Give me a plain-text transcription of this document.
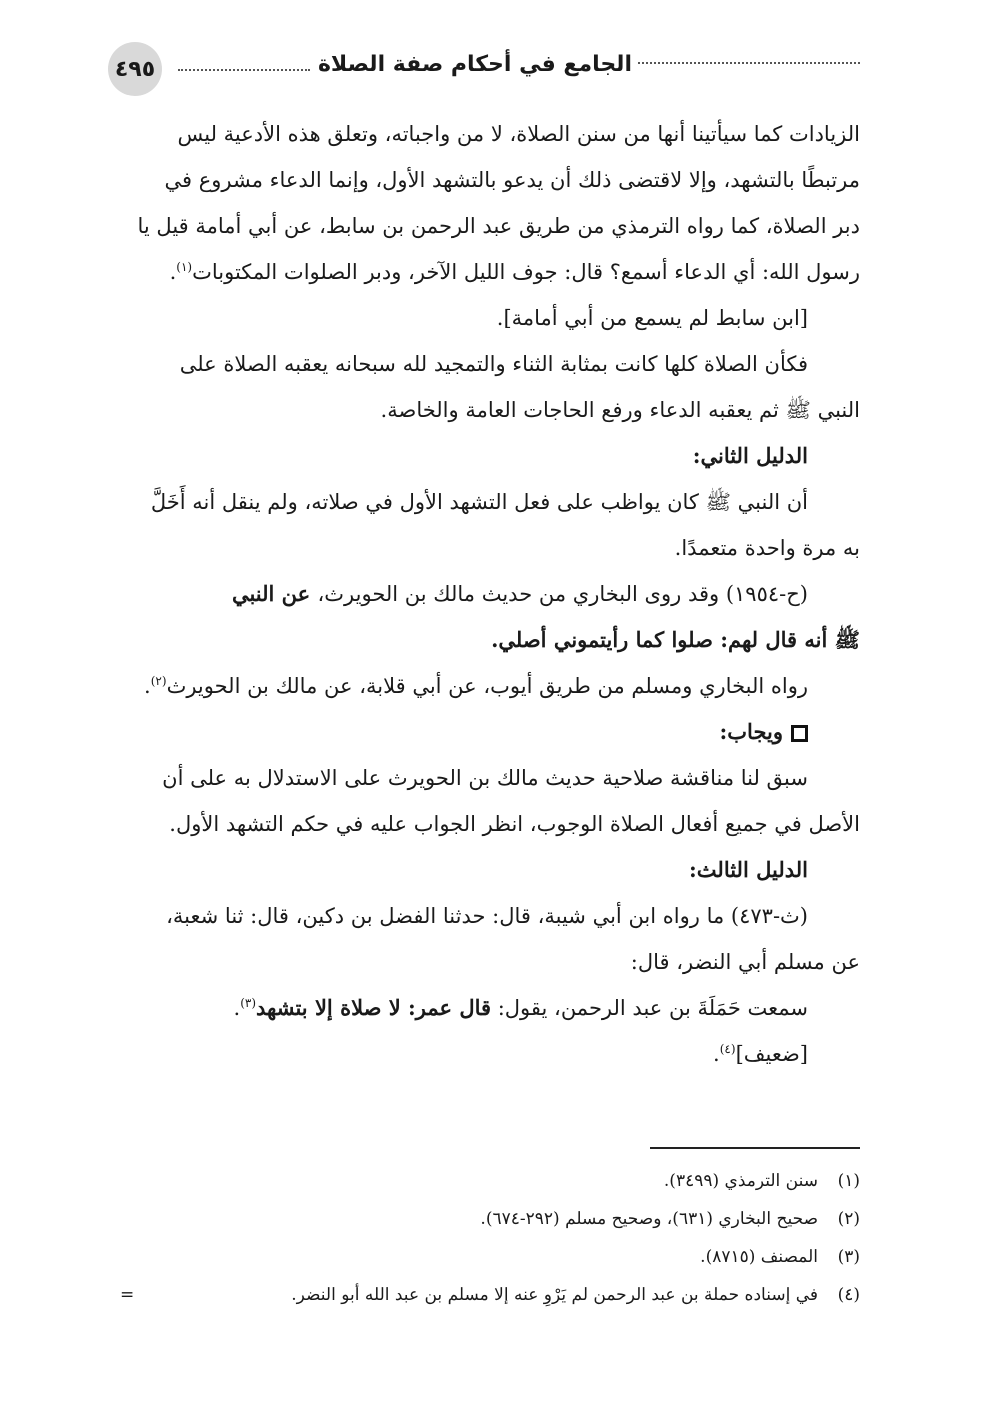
٤٩٥	الجامع في أحكام صفة الصلاة
الزيادات كما سيأتينا أنها من سنن الصلاة، لا من واجباته، وتعلق هذه الأدعية ليس
مرتبطًا بالتشهد، وإلا لاقتضى ذلك أن يدعو بالتشهد الأول، وإنما الدعاء مشروع في
دبر الصلاة، كما رواه الترمذي من طريق عبد الرحمن بن سابط، عن أبي أمامة قيل يا
رسول الله: أي الدعاء أسمع؟ قال: جوف الليل الآخر، ودبر الصلوات المكتوبات$^{(١)}$.
[ابن سابط لم يسمع من أبي أمامة].
فكأن الصلاة كلها كانت بمثابة الثناء والتمجيد لله سبحانه يعقبه الصلاة على
النبي ﷺ ثم يعقبه الدعاء ورفع الحاجات العامة والخاصة.
الدليل الثاني:
أن النبي ﷺ كان يواظب على فعل التشهد الأول في صلاته، ولم ينقل أنه أَخَلَّ
به مرة واحدة متعمدًا.
(ح-١٩٥٤) وقد روى البخاري من حديث مالك بن الحويرث، عن النبي
ﷺ أنه قال لهم: صلوا كما رأيتموني أصلي.
رواه البخاري ومسلم من طريق أيوب، عن أبي قلابة، عن مالك بن الحويرث$^{(٢)}$.
ويجاب:
سبق لنا مناقشة صلاحية حديث مالك بن الحويرث على الاستدلال به على أن
الأصل في جميع أفعال الصلاة الوجوب، انظر الجواب عليه في حكم التشهد الأول.
الدليل الثالث:
(ث-٤٧٣) ما رواه ابن أبي شيبة، قال: حدثنا الفضل بن دكين، قال: ثنا شعبة،
عن مسلم أبي النضر، قال:
سمعت حَمَلَةَ بن عبد الرحمن، يقول: قال عمر: لا صلاة إلا بتشهد$^{(٣)}$.
[ضعيف]$^{(٤)}$.
(١)سنن الترمذي (٣٤٩٩).
(٢)صحيح البخاري (٦٣١)، وصحيح مسلم (٢٩٢-٦٧٤).
(٣)المصنف (٨٧١٥).
(٤)في إسناده حملة بن عبد الرحمن لم يَرْوِ عنه إلا مسلم بن عبد الله أبو النضر.
=
